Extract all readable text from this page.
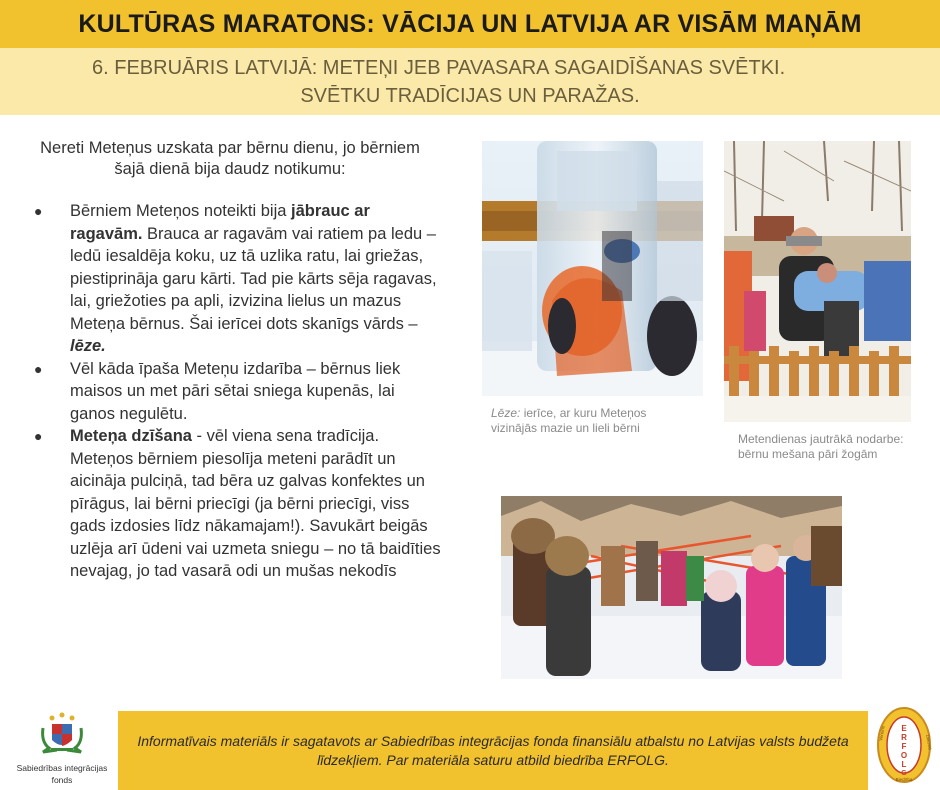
KULTŪRAS MARATONS: VĀCIJA UN LATVIJA AR VISĀM MAŅĀM
6. FEBRUĀRIS LATVIJĀ: METEŅI JEB PAVASARA SAGAIDĪŠANAS SVĒTKI.
SVĒTKU TRADĪCIJAS UN PARAŽAS.
Nereti Meteņus uzskata par bērnu dienu, jo bērniem šajā dienā bija daudz notikumu:
● Bērniem Meteņos noteikti bija jābrauc ar ragavām. Brauca ar ragavām vai ratiem pa ledu – ledū iesaldēja koku, uz tā uzlika ratu, lai griežas, piestiprināja garu kārti. Tad pie kārts sēja ragavas, lai, griežoties pa apli, izvizina lielus un mazus Meteņa bērnus. Šai ierīcei dots skanīgs vārds – lēze.
● Vēl kāda īpaša Meteņu izdarība – bērnus liek maisos un met pāri sētai sniega kupenās, lai ganos negulētu.
● Meteņa dzīšana - vēl viena sena tradīcija. Meteņos bērniem piesolīja meteni parādīt un aicināja pulciņā, tad bēra uz galvas konfektes un pīrāgus, lai bērni priecīgi (ja bērni priecīgi, viss gads izdosies līdz nākamajam!). Savukārt beigās uzlēja arī ūdeni vai uzmeta sniegu – no tā baidīties nevajag, jo tad vasarā odi un mušas nekodīs
Lēze: ierīce, ar kuru Meteņos vizinājās mazie un lieli bērni
Metendienas jautrākā nodarbe: bērnu mešana pāri žogām
Sabiedrības integrācijas
fonds
Informatīvais materiāls ir sagatavots ar Sabiedrības integrācijas fonda finansiālu atbalstu no Latvijas valsts budžeta līdzekļiem. Par materiāla saturu atbild biedrība ERFOLG.
E
R
F
O
L
G
Vereins
Dienvid
Biedrība
